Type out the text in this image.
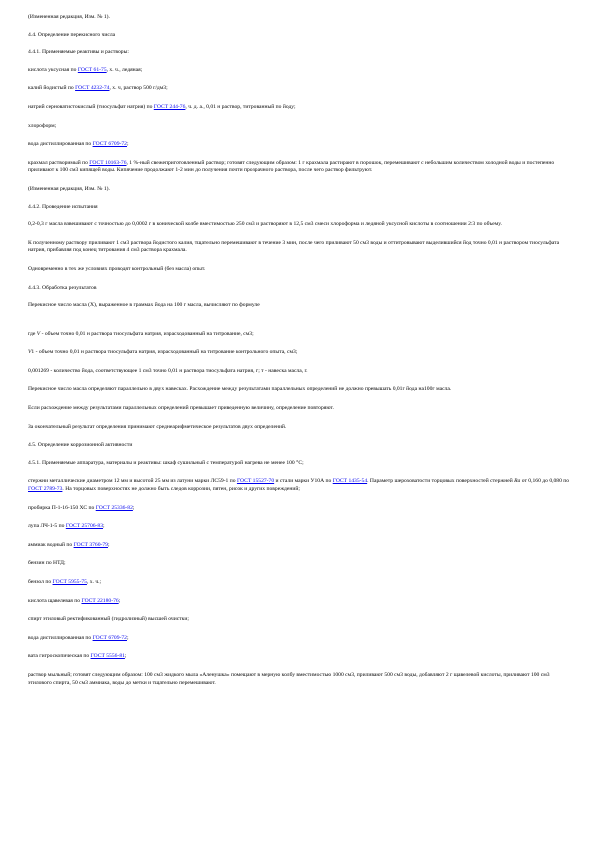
(Измененная редакция, Изм. № 1).

4.4. Определение перекисного числа

4.4.1. Применяемые реактивы и растворы:

кислота уксусная по ГОСТ 61-75, х. ч., ледяная;

калий йодистый по ГОСТ 4232-74, х. ч, раствор 500 г/дм3;

натрий серноватистокислый (тиосульфат натрия) по ГОСТ 244-76, ч. д. а., 0,01 н раствор, титрованный по йоду;

хлороформ;

вода дистиллированная по ГОСТ 6709-72;

крахмал растворимый по ГОСТ 10163-76, 1 %-ный свежеприготовленный раствор; готовят следующим образом: 1 г крахмала растирают в порошок, перемешивают с небольшим количеством холодной воды и постепенно приливают к 100 см3 кипящей воды. Кипячение продолжают 1-2 мин до получения почти прозрачного раствора, после чего раствор фильтруют.

(Измененная редакция, Изм. № 1).

4.4.2. Проведение испытания

0,2-0,3 г масла взвешивают с точностью до 0,0002 г в конической колбе вместимостью 250 см3 и растворяют в 12,5 см3 смеси хлороформа и ледяной уксусной кислоты в соотношении 2:3 по объему.

К полученному раствору приливают 1 см3 раствора йодистого калия, тщательно перемешивают в течение 3 мин, после чего приливают 50 см3 воды и оттитровывают выделившийся йод точно 0,01 н раствором тиосульфата натрия, прибавляя под конец титрования 4 см3 раствора крахмала.

Одновременно в тех же условиях проводят контрольный (без масла) опыт.

4.4.3. Обработка результатов

Перекисное число масла (Х), выраженное в граммах йода на 100 г масла, вычисляют по формуле

где V - объем точно 0,01 н раствора тиосульфата натрия, израсходованный на титрование, см3;

V1 - объем точно 0,01 н раствора тиосульфата натрия, израсходованный на титрование контрольного опыта, см3;

0,001269 - количество йода, соответствующее 1 см3 точно 0,01 н раствора тиосульфата натрия, г; т - навеска масла, г.

Перекисное число масла определяют параллельно в двух навесках. Расхождение между результатами параллельных определений не должно превышать 0,01г йода на100г масла.

Если расхождение между результатами параллельных определений превышает приведенную величину, определение повторяют.

За окончательный результат определения принимают среднеарифметическое результатов двух определений.

4.5. Определение коррозионной активности

4.5.1. Применяемые аппаратура, материалы и реактивы: шкаф сушильный с температурой нагрева не менее 100 °С;

стержни металлические диаметром 12 мм и высотой 25 мм из латуни марки ЛС59-1 по ГОСТ 15527-70 и стали марки У10А по ГОСТ 1435-54. Параметр шероховатости торцовых поверхностей стержней Ra от 0,160 до 0,080 по ГОСТ 2789-73. На торцовых поверхностях не должно быть следов коррозии, пятен, рисок и других повреждений;

пробирка П-1-16-150 ХС по ГОСТ 25336-82;

лупа ЛЧ-1-5 по ГОСТ 25706-83;

аммиак водный по ГОСТ 3760-79;

бензин по НТД;

бензол по ГОСТ 5955-75, х. ч.;

кислота щавелевая по ГОСТ 22180-76;

спирт этиловый ректификованный (гидролизный) высшей очистки;

вода дистиллированная по ГОСТ 6709-72;

вата гигроскопическая по ГОСТ 5556-81;

раствор мыльный; готовят следующим образом: 100 см3 жидкого мыла «Аленушка» помещают в мерную колбу вместимостью 1000 см3, приливают 500 см3 воды, добавляют 2 г щавелевой кислоты, приливают 100 см3 этилового спирта, 50 см3 аммиака, воды до метки и тщательно перемешивают.
